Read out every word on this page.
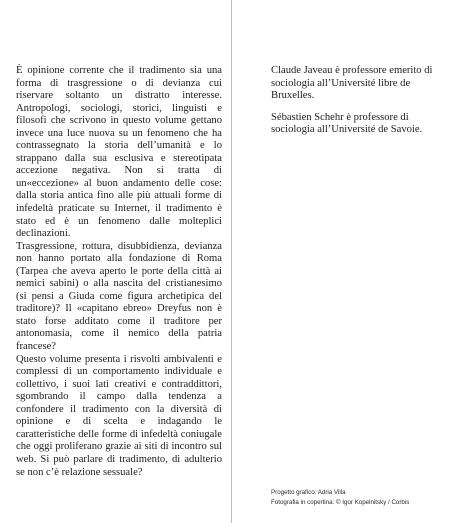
È opinione corrente che il tradimento sia una forma di trasgressione o di devianza cui riservare soltanto un distratto interesse. Antropologi, sociologi, storici, linguisti e filosofi che scrivono in questo volume gettano invece una luce nuova su un fenomeno che ha contrassegnato la storia dell’umanità e lo strappano dalla sua esclusiva e stereotipata accezione negativa. Non si tratta di un«eccezione» al buon andamento delle cose: dalla storia antica fino alle più attuali forme di infedeltà praticate su Internet, il tradimento è stato ed è un fenomeno dalle molteplici declinazioni.

Trasgressione, rottura, disubbidienza, devianza non hanno portato alla fondazione di Roma (Tarpea che aveva aperto le porte della città ai nemici sabini) o alla nascita del cristianesimo (si pensi a Giuda come figura archetipica del traditore)? Il «capitano ebreo» Dreyfus non è stato forse additato come il traditore per antonomasia, come il nemico della patria francese?

Questo volume presenta i risvolti ambivalenti e complessi di un comportamento individuale e collettivo, i suoi lati creativi e contraddittori, sgombrando il campo dalla tendenza a confondere il tradimento con la diversità di opinione e di scelta e indagando le caratteristiche delle forme di infedeltà coniugale che oggi proliferano grazie ai siti di incontro sul web. Si può parlare di tradimento, di adulterio se non c’è relazione sessuale?

Claude Javeau è professore emerito di sociologia all’Université libre de Bruxelles.

Sébastien Schehr è professore di sociologia all’Université de Savoie.

Progetto grafico: Adria Villa
Fotografia in copertina: © Igor Kopelnitsky / Corbis
